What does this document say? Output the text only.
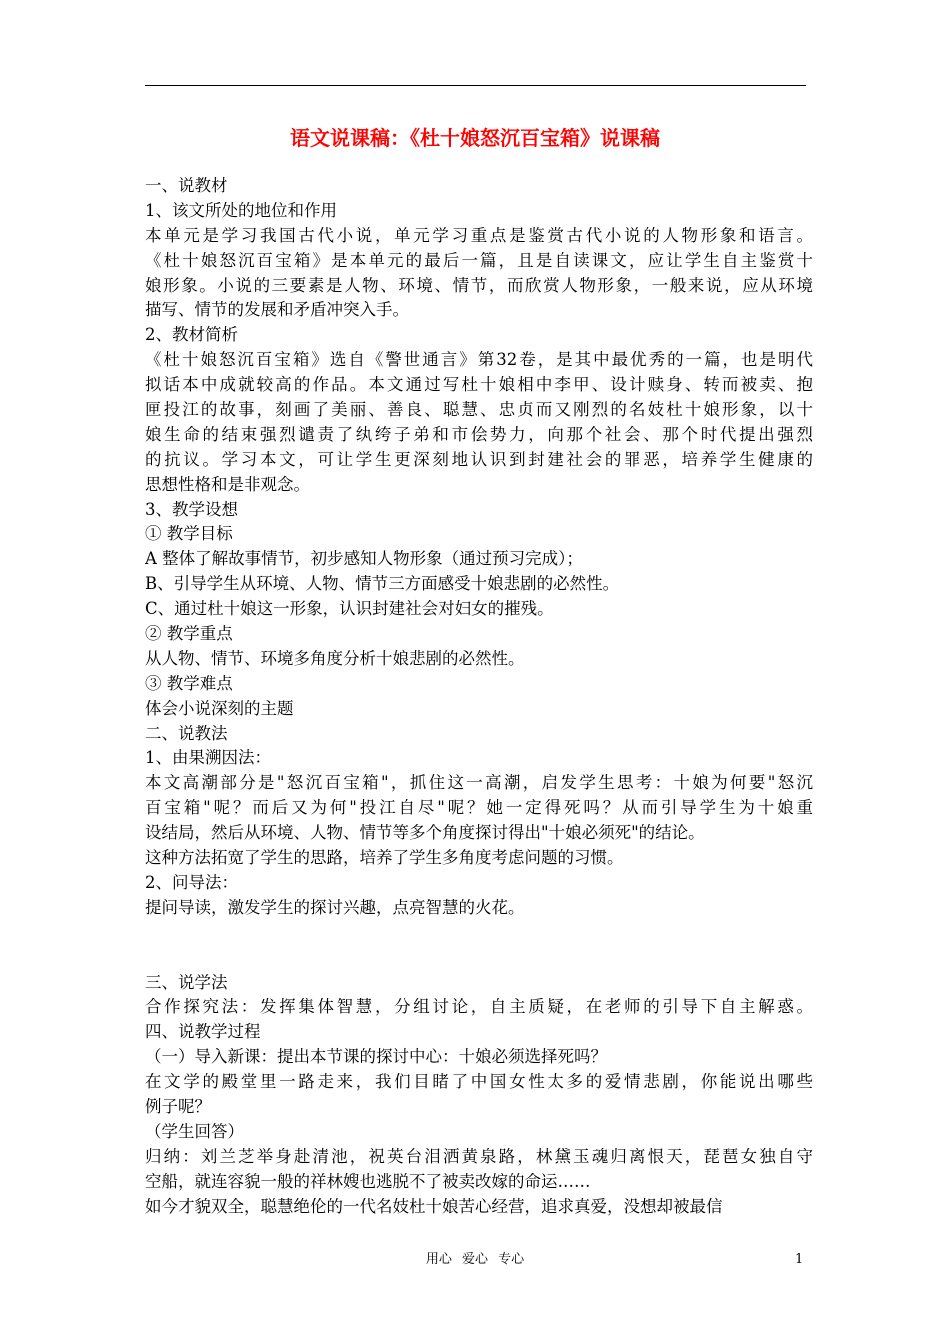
语文说课稿：《杜十娘怒沉百宝箱》说课稿
一、说教材
1、该文所处的地位和作用
本单元是学习我国古代小说，单元学习重点是鉴赏古代小说的人物形象和语言。
《杜十娘怒沉百宝箱》是本单元的最后一篇，且是自读课文，应让学生自主鉴赏十
娘形象。小说的三要素是人物、环境、情节，而欣赏人物形象，一般来说，应从环境
描写、情节的发展和矛盾冲突入手。
2、教材简析
《杜十娘怒沉百宝箱》选自《警世通言》第32卷，是其中最优秀的一篇，也是明代
拟话本中成就较高的作品。本文通过写杜十娘相中李甲、设计赎身、转而被卖、抱
匣投江的故事，刻画了美丽、善良、聪慧、忠贞而又刚烈的名妓杜十娘形象，以十
娘生命的结束强烈谴责了纨绔子弟和市侩势力，向那个社会、那个时代提出强烈
的抗议。学习本文，可让学生更深刻地认识到封建社会的罪恶，培养学生健康的
思想性格和是非观念。
3、教学设想
① 教学目标
A 整体了解故事情节，初步感知人物形象（通过预习完成）；
B、引导学生从环境、人物、情节三方面感受十娘悲剧的必然性。
C、通过杜十娘这一形象，认识封建社会对妇女的摧残。
② 教学重点
从人物、情节、环境多角度分析十娘悲剧的必然性。
③ 教学难点
体会小说深刻的主题
二、说教法
1、由果溯因法：
本文高潮部分是"怒沉百宝箱"，抓住这一高潮，启发学生思考：十娘为何要"怒沉
百宝箱"呢？而后又为何"投江自尽"呢？她一定得死吗？从而引导学生为十娘重
设结局，然后从环境、人物、情节等多个角度探讨得出"十娘必须死"的结论。
这种方法拓宽了学生的思路，培养了学生多角度考虑问题的习惯。
2、问导法：
提问导读，激发学生的探讨兴趣，点亮智慧的火花。
三、说学法
合作探究法：发挥集体智慧，分组讨论，自主质疑，在老师的引导下自主解惑。
四、说教学过程
（一）导入新课：提出本节课的探讨中心：十娘必须选择死吗？
在文学的殿堂里一路走来，我们目睹了中国女性太多的爱情悲剧，你能说出哪些
例子呢？
（学生回答）
归纳：刘兰芝举身赴清池，祝英台泪洒黄泉路，林黛玉魂归离恨天，琵琶女独自守
空船，就连容貌一般的祥林嫂也逃脱不了被卖改嫁的命运……
如今才貌双全，聪慧绝伦的一代名妓杜十娘苦心经营，追求真爱，没想却被最信
用心 爱心 专心	1
